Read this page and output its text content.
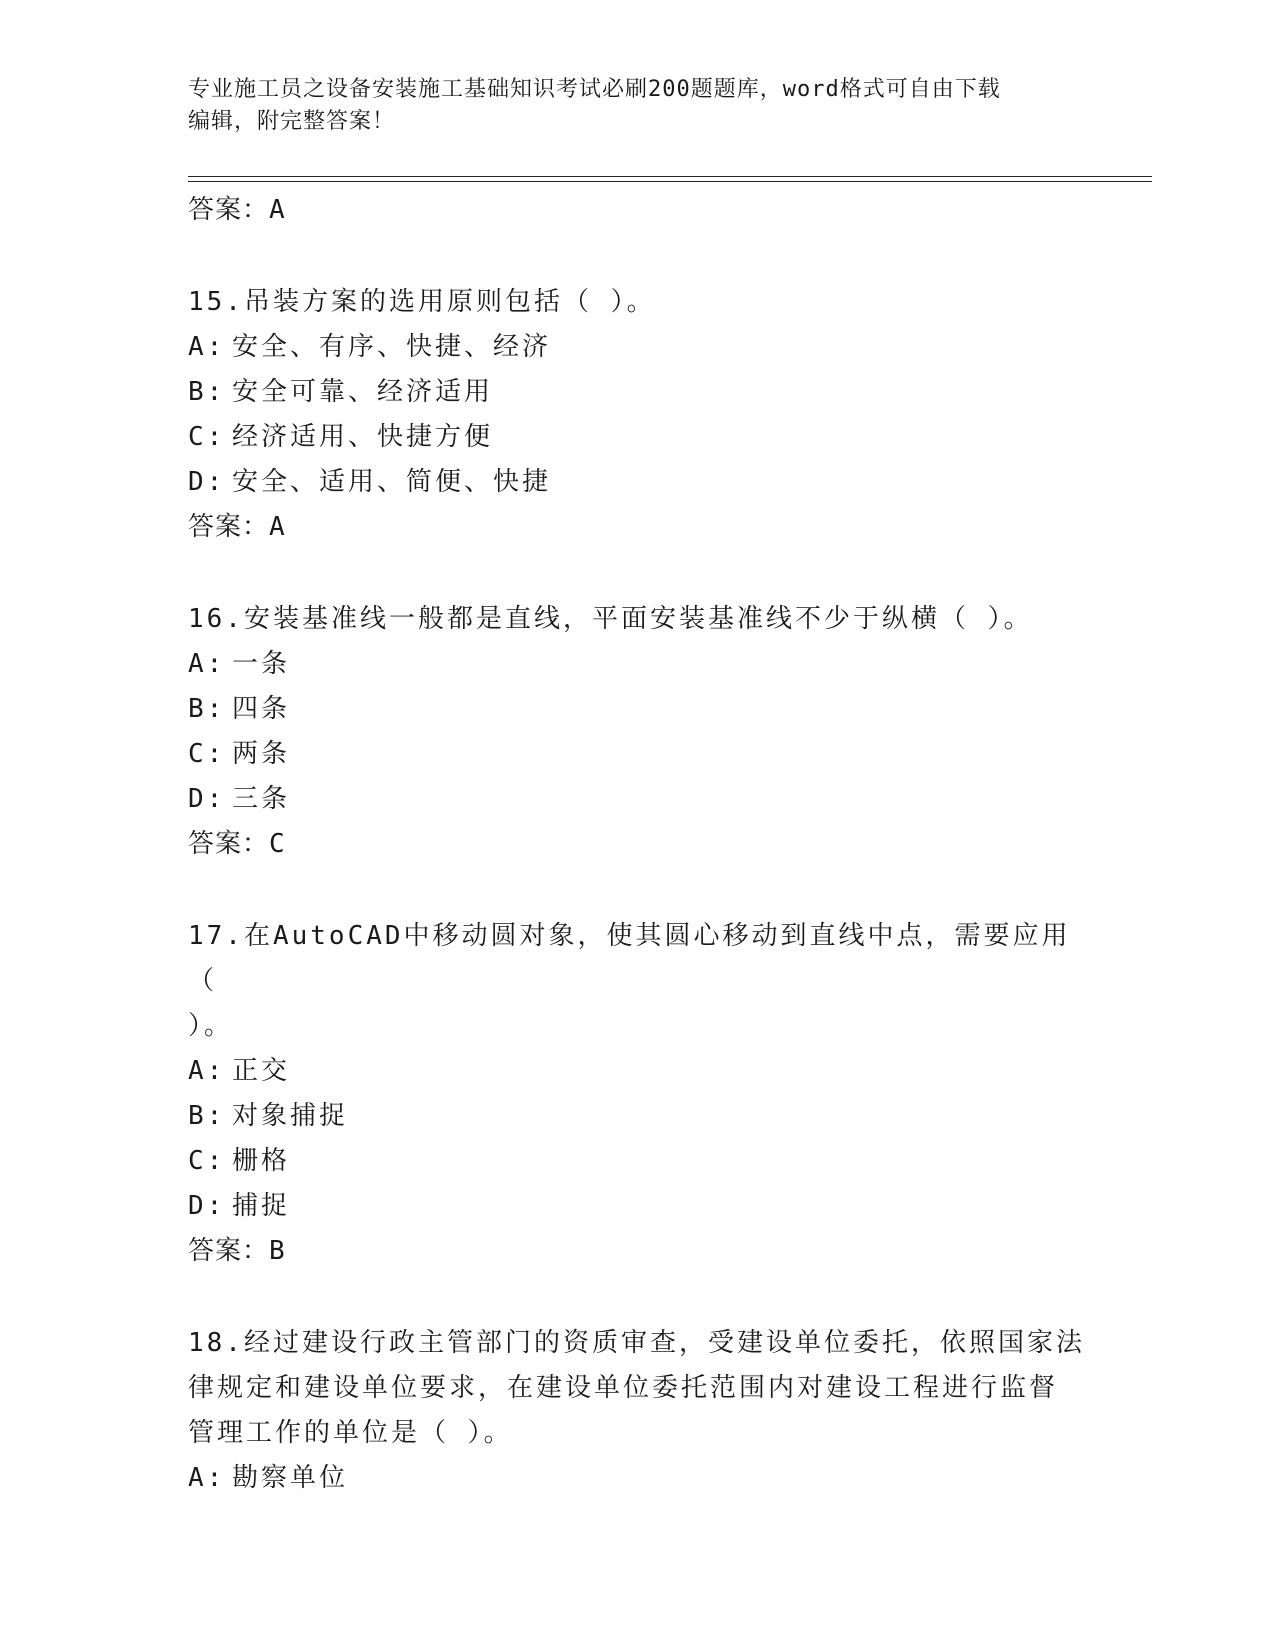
专业施工员之设备安装施工基础知识考试必刷200题题库，word格式可自由下载
编辑，附完整答案！
答案：A
15.吊装方案的选用原则包括（ ）。
A: 安全、有序、快捷、经济
B: 安全可靠、经济适用
C: 经济适用、快捷方便
D: 安全、适用、简便、快捷
答案：A
16.安装基准线一般都是直线，平面安装基准线不少于纵横（ ）。
A: 一条
B: 四条
C: 两条
D: 三条
答案：C
17.在AutoCAD中移动圆对象，使其圆心移动到直线中点，需要应用（
）。
A: 正交
B: 对象捕捉
C: 栅格
D: 捕捉
答案：B
18.经过建设行政主管部门的资质审查，受建设单位委托，依照国家法
律规定和建设单位要求，在建设单位委托范围内对建设工程进行监督
管理工作的单位是（ ）。
A: 勘察单位
